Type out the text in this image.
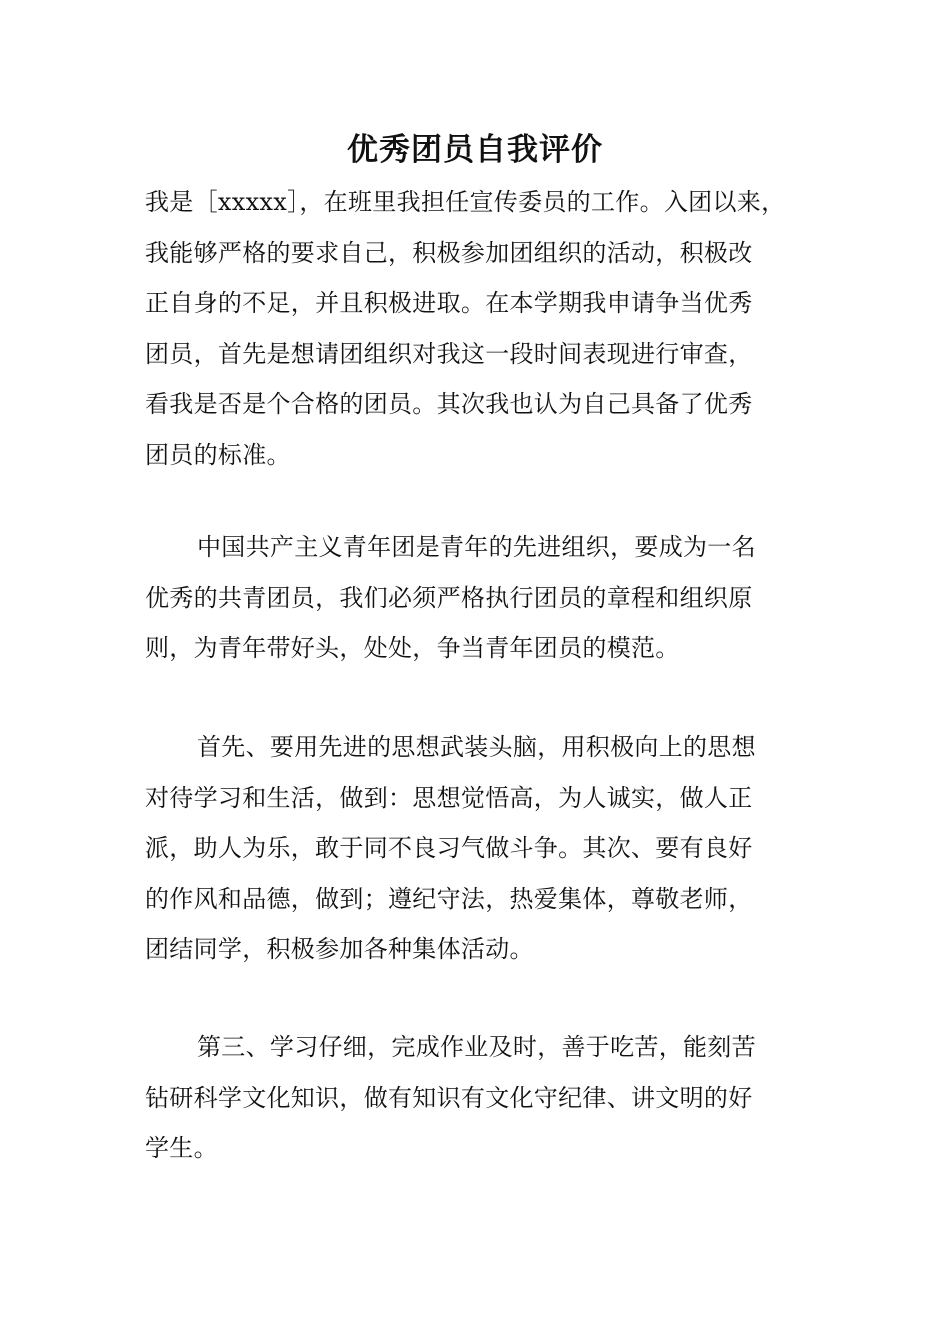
优秀团员自我评价
我是［xxxxx］，在班里我担任宣传委员的工作。入团以来，
我能够严格的要求自己，积极参加团组织的活动，积极改
正自身的不足，并且积极进取。在本学期我申请争当优秀
团员，首先是想请团组织对我这一段时间表现进行审查，
看我是否是个合格的团员。其次我也认为自己具备了优秀
团员的标准。
中国共产主义青年团是青年的先进组织，要成为一名
优秀的共青团员，我们必须严格执行团员的章程和组织原
则，为青年带好头，处处，争当青年团员的模范。
首先、要用先进的思想武装头脑，用积极向上的思想
对待学习和生活，做到：思想觉悟高，为人诚实，做人正
派，助人为乐，敢于同不良习气做斗争。其次、要有良好
的作风和品德，做到；遵纪守法，热爱集体，尊敬老师，
团结同学，积极参加各种集体活动。
第三、学习仔细，完成作业及时，善于吃苦，能刻苦
钻研科学文化知识，做有知识有文化守纪律、讲文明的好
学生。
